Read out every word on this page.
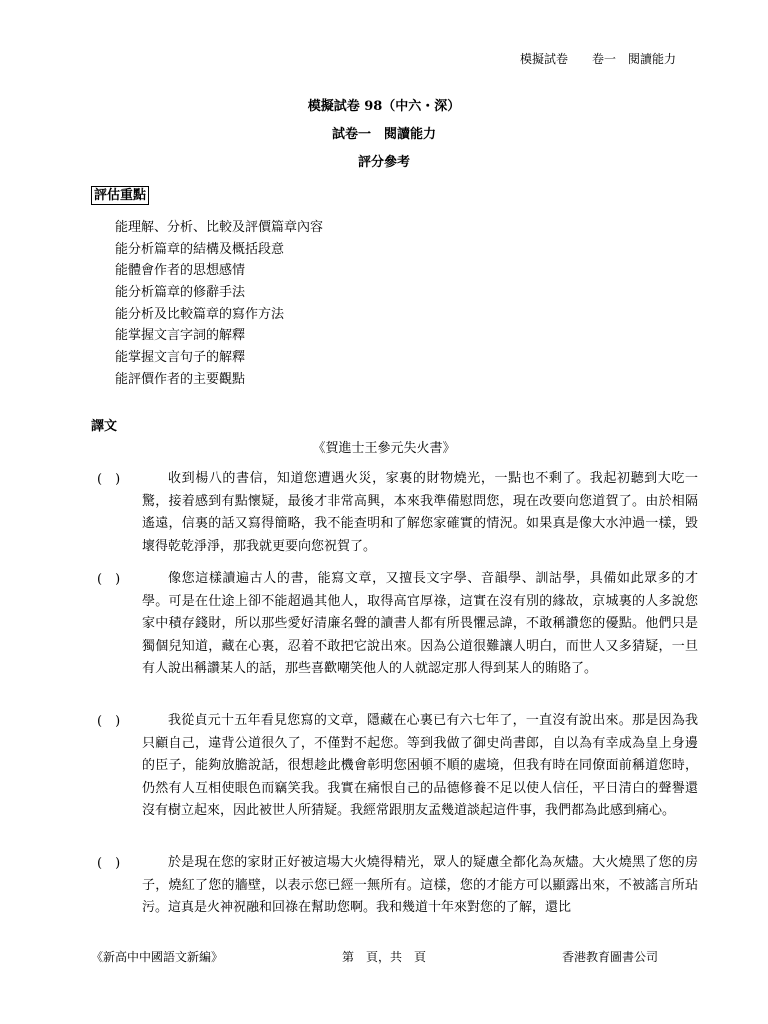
模擬試卷　　卷一　閱讀能力
模擬試卷 98（中六・深）
試卷一　閱讀能力
評分參考
評估重點
能理解、分析、比較及評價篇章內容
能分析篇章的結構及概括段意
能體會作者的思想感情
能分析篇章的修辭手法
能分析及比較篇章的寫作方法
能掌握文言字詞的解釋
能掌握文言句子的解釋
能評價作者的主要觀點
譯文
《賀進士王參元失火書》
(　)	收到楊八的書信，知道您遭遇火災，家裏的財物燒光，一點也不剩了。我起初聽到大吃一驚，接着感到有點懷疑，最後才非常高興，本來我準備慰問您，現在改要向您道賀了。由於相隔遙遠，信裏的話又寫得簡略，我不能查明和了解您家確實的情況。如果真是像大水沖過一樣，毀壞得乾乾淨淨，那我就更要向您祝賀了。
(　)	像您這樣讀遍古人的書，能寫文章，又擅長文字學、音韻學、訓詁學，具備如此眾多的才學。可是在仕途上卻不能超過其他人，取得高官厚祿，這實在沒有別的緣故，京城裏的人多說您家中積存錢財，所以那些愛好清廉名聲的讀書人都有所畏懼忌諱，不敢稱讚您的優點。他們只是獨個兒知道，藏在心裏，忍着不敢把它說出來。因為公道很難讓人明白，而世人又多猜疑，一旦有人說出稱讚某人的話，那些喜歡嘲笑他人的人就認定那人得到某人的賄賂了。
(　)	我從貞元十五年看見您寫的文章，隱藏在心裏已有六七年了，一直沒有說出來。那是因為我只顧自己，違背公道很久了，不僅對不起您。等到我做了御史尚書郎，自以為有幸成為皇上身邊的臣子，能夠放膽說話，很想趁此機會彰明您困頓不順的處境，但我有時在同僚面前稱道您時，仍然有人互相使眼色而竊笑我。我實在痛恨自己的品德修養不足以使人信任，平日清白的聲譽還沒有樹立起來，因此被世人所猜疑。我經常跟朋友孟幾道談起這件事，我們都為此感到痛心。
(　)	於是現在您的家財正好被這場大火燒得精光，眾人的疑慮全都化為灰燼。大火燒黑了您的房子，燒紅了您的牆壁，以表示您已經一無所有。這樣，您的才能方可以顯露出來，不被謠言所玷污。這真是火神祝融和回祿在幫助您啊。我和幾道十年來對您的了解，還比
《新高中中國語文新編》	第　頁，共　頁	香港教育圖書公司
